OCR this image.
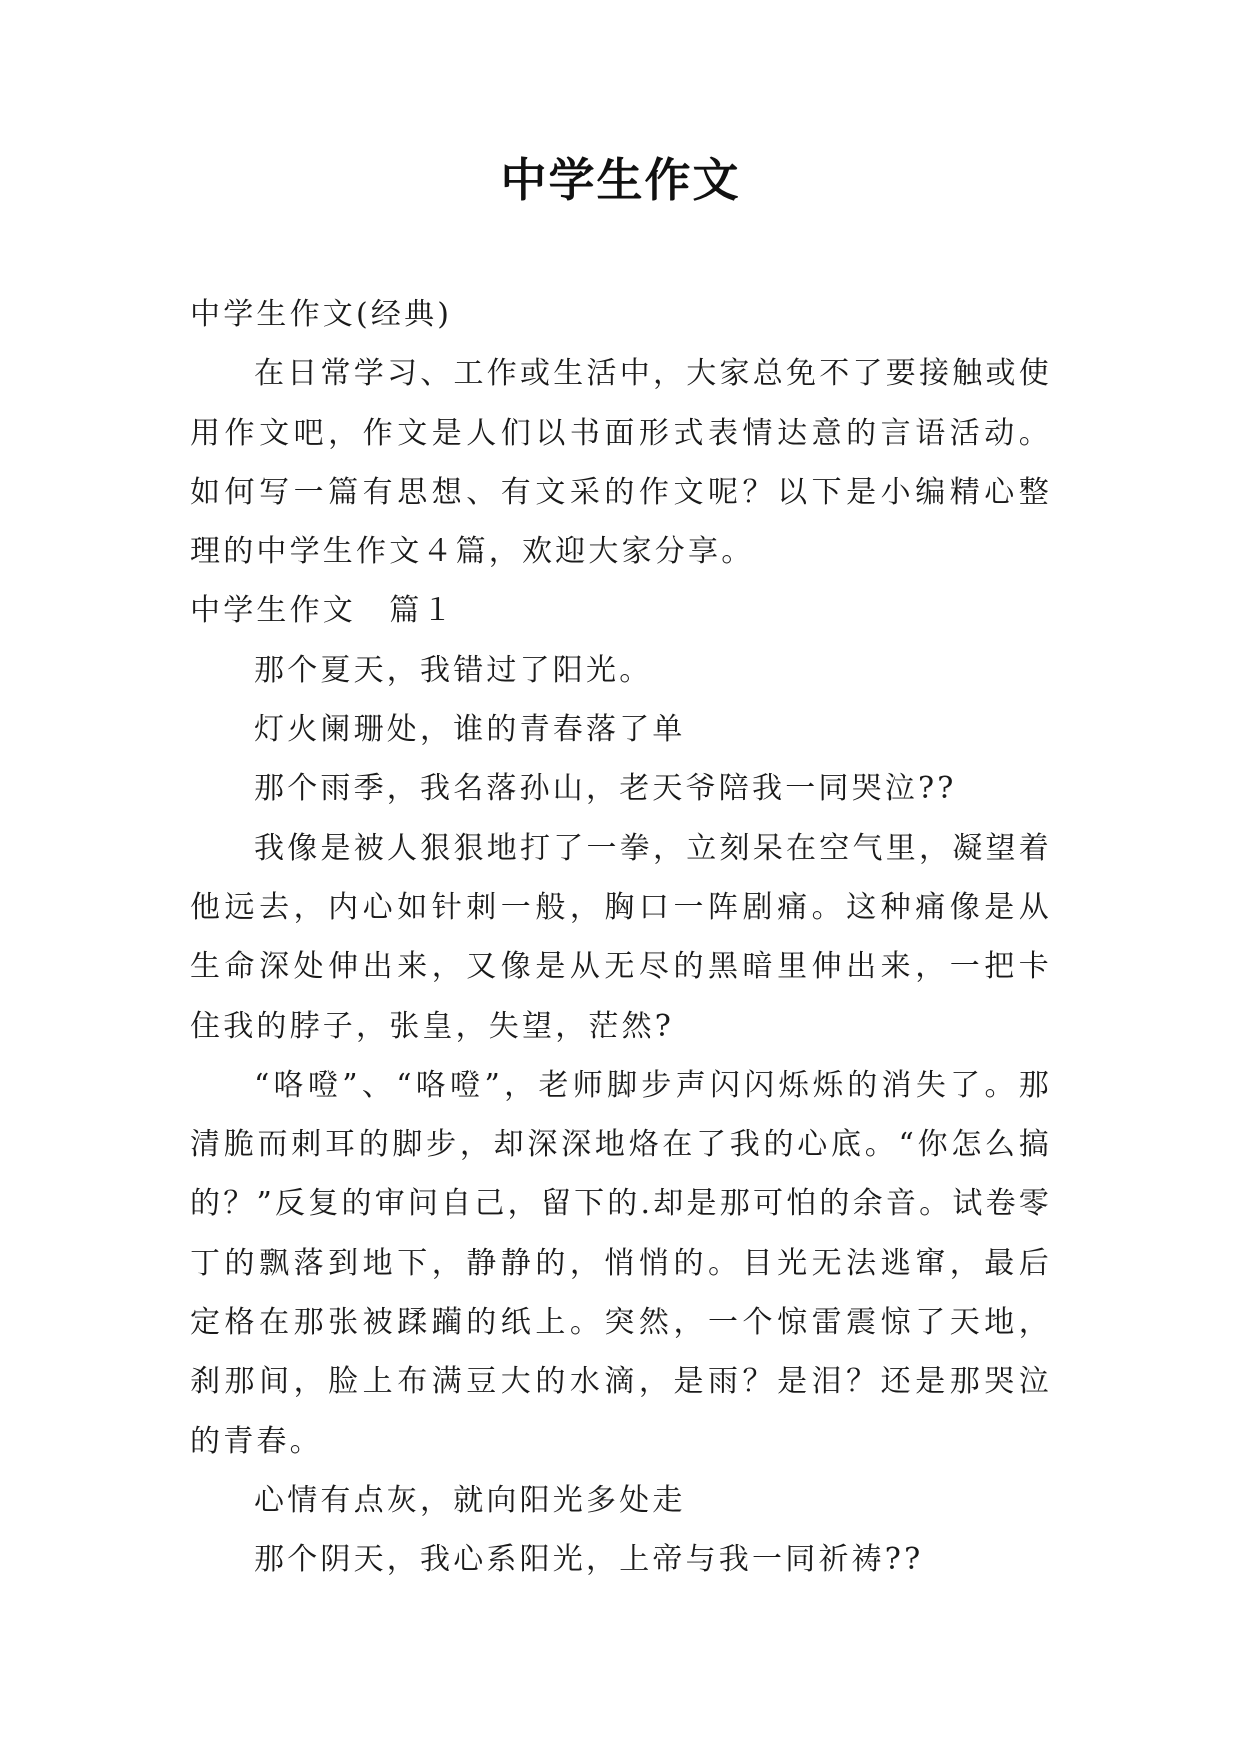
中学生作文

中学生作文(经典)

在日常学习、工作或生活中，大家总免不了要接触或使用作文吧，作文是人们以书面形式表情达意的言语活动。如何写一篇有思想、有文采的作文呢？以下是小编精心整理的中学生作文４篇，欢迎大家分享。

中学生作文　篇１

那个夏天，我错过了阳光。

灯火阑珊处，谁的青春落了单

那个雨季，我名落孙山，老天爷陪我一同哭泣??

我像是被人狠狠地打了一拳，立刻呆在空气里，凝望着他远去，内心如针刺一般，胸口一阵剧痛。这种痛像是从生命深处伸出来，又像是从无尽的黑暗里伸出来，一把卡住我的脖子，张皇，失望，茫然?

“咯噔”、“咯噔”，老师脚步声闪闪烁烁的消失了。那清脆而刺耳的脚步，却深深地烙在了我的心底。“你怎么搞的？”反复的审问自己，留下的.却是那可怕的余音。试卷零丁的飘落到地下，静静的，悄悄的。目光无法逃窜，最后定格在那张被蹂躏的纸上。突然，一个惊雷震惊了天地，刹那间，脸上布满豆大的水滴，是雨？是泪？还是那哭泣的青春。

心情有点灰，就向阳光多处走

那个阴天，我心系阳光，上帝与我一同祈祷??
